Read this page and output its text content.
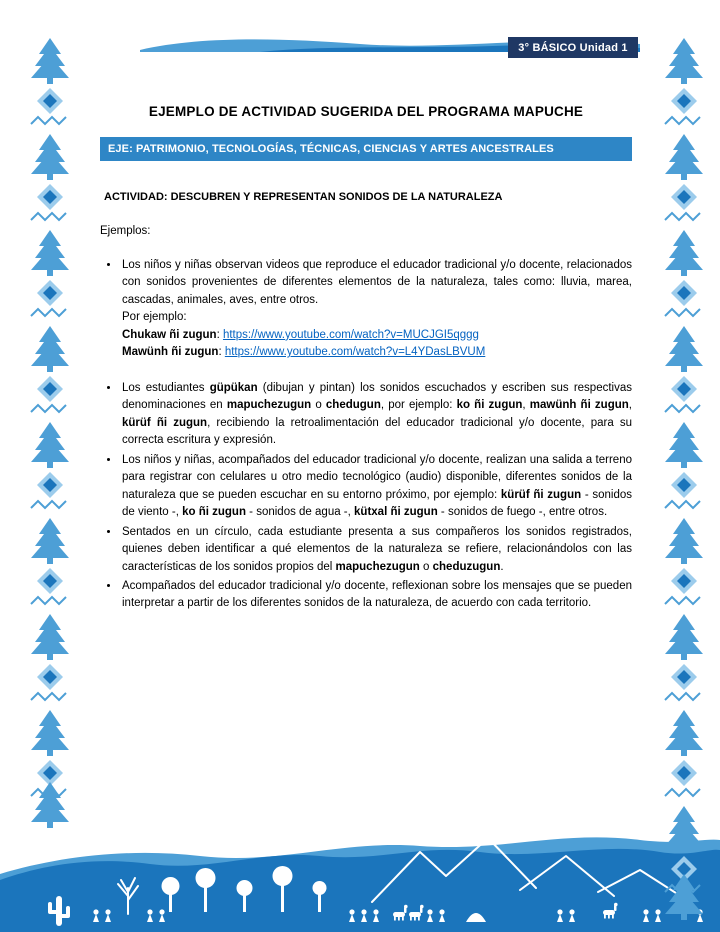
3° BÁSICO Unidad 1
EJEMPLO DE ACTIVIDAD SUGERIDA DEL PROGRAMA MAPUCHE
EJE: PATRIMONIO, TECNOLOGÍAS, TÉCNICAS, CIENCIAS Y ARTES ANCESTRALES

ACTIVIDAD: DESCUBREN Y REPRESENTAN SONIDOS DE LA NATURALEZA

Ejemplos:

• Los niños y niñas observan videos que reproduce el educador tradicional y/o docente, relacionados con sonidos provenientes de diferentes elementos de la naturaleza, tales como: lluvia, marea, cascadas, animales, aves, entre otros.
Por ejemplo:
Chukaw ñi zugun: https://www.youtube.com/watch?v=MUCJGI5qggg
Mawünh ñi zugun: https://www.youtube.com/watch?v=L4YDasLBVUM
• Los estudiantes güpükan (dibujan y pintan) los sonidos escuchados y escriben sus respectivas denominaciones en mapuchezugun o chedugun, por ejemplo: ko ñi zugun, mawünh ñi zugun, kürüf ñi zugun, recibiendo la retroalimentación del educador tradicional y/o docente, para su correcta escritura y expresión.
• Los niños y niñas, acompañados del educador tradicional y/o docente, realizan una salida a terreno para registrar con celulares u otro medio tecnológico (audio) disponible, diferentes sonidos de la naturaleza que se pueden escuchar en su entorno próximo, por ejemplo: kürüf ñi zugun - sonidos de viento -, ko ñi zugun - sonidos de agua -, kütxal ñi zugun - sonidos de fuego -, entre otros.
• Sentados en un círculo, cada estudiante presenta a sus compañeros los sonidos registrados, quienes deben identificar a qué elementos de la naturaleza se refiere, relacionándolos con las características de los sonidos propios del mapuchezugun o cheduzugun.
• Acompañados del educador tradicional y/o docente, reflexionan sobre los mensajes que se pueden interpretar a partir de los diferentes sonidos de la naturaleza, de acuerdo con cada territorio.
